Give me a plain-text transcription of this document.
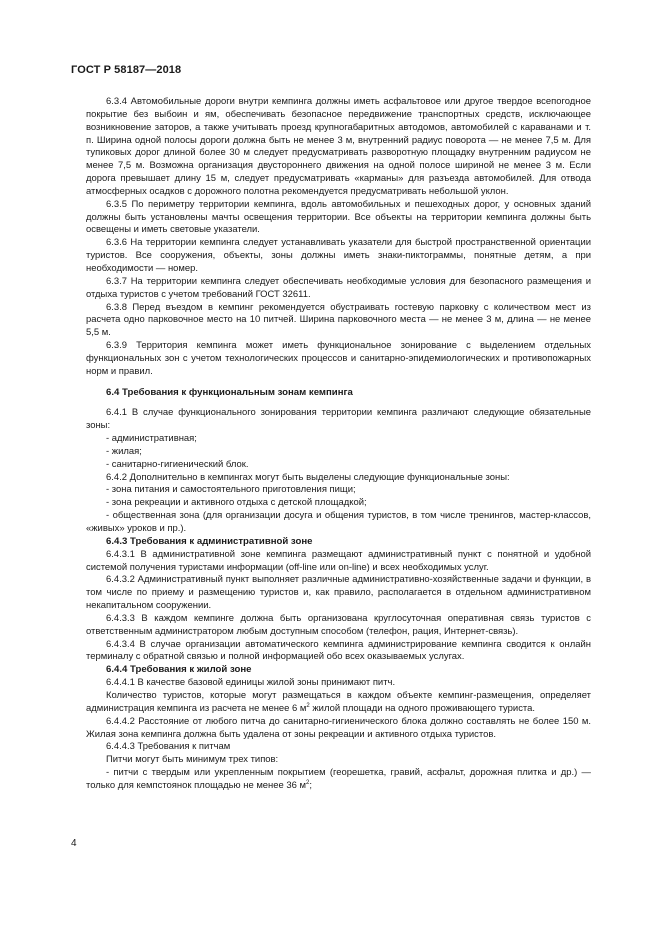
ГОСТ Р 58187—2018

6.3.4 Автомобильные дороги внутри кемпинга должны иметь асфальтовое или другое твердое всепогодное покрытие без выбоин и ям, обеспечивать безопасное передвижение транспортных средств, исключающее возникновение заторов, а также учитывать проезд крупногабаритных автодомов, автомобилей с караванами и т. п. Ширина одной полосы дороги должна быть не менее 3 м, внутренний радиус поворота — не менее 7,5 м. Для тупиковых дорог длиной более 30 м следует предусматривать разворотную площадку внутренним радиусом не менее 7,5 м. Возможна организация двустороннего движения на одной полосе шириной не менее 3 м. Если дорога превышает длину 15 м, следует предусматривать «карманы» для разъезда автомобилей. Для отвода атмосферных осадков с дорожного полотна рекомендуется предусматривать небольшой уклон.

6.3.5 По периметру территории кемпинга, вдоль автомобильных и пешеходных дорог, у основных зданий должны быть установлены мачты освещения территории. Все объекты на территории кемпинга должны быть освещены и иметь световые указатели.

6.3.6 На территории кемпинга следует устанавливать указатели для быстрой пространственной ориентации туристов. Все сооружения, объекты, зоны должны иметь знаки-пиктограммы, понятные детям, а при необходимости — номер.

6.3.7 На территории кемпинга следует обеспечивать необходимые условия для безопасного размещения и отдыха туристов с учетом требований ГОСТ 32611.

6.3.8 Перед въездом в кемпинг рекомендуется обустраивать гостевую парковку с количеством мест из расчета одно парковочное место на 10 питчей. Ширина парковочного места — не менее 3 м, длина — не менее 5,5 м.

6.3.9 Территория кемпинга может иметь функциональное зонирование с выделением отдельных функциональных зон с учетом технологических процессов и санитарно-эпидемиологических и противопожарных норм и правил.

6.4 Требования к функциональным зонам кемпинга

6.4.1 В случае функционального зонирования территории кемпинга различают следующие обязательные зоны:

- административная;

- жилая;

- санитарно-гигиенический блок.

6.4.2 Дополнительно в кемпингах могут быть выделены следующие функциональные зоны:

- зона питания и самостоятельного приготовления пищи;

- зона рекреации и активного отдыха с детской площадкой;

- общественная зона (для организации досуга и общения туристов, в том числе тренингов, мастер-классов, «живых» уроков и пр.).

6.4.3 Требования к административной зоне

6.4.3.1 В административной зоне кемпинга размещают административный пункт с понятной и удобной системой получения туристами информации (off-line или on-line) и всех необходимых услуг.

6.4.3.2 Административный пункт выполняет различные административно-хозяйственные задачи и функции, в том числе по приему и размещению туристов и, как правило, располагается в отдельном административном некапитальном сооружении.

6.4.3.3 В каждом кемпинге должна быть организована круглосуточная оперативная связь туристов с ответственным администратором любым доступным способом (телефон, рация, Интернет-связь).

6.4.3.4 В случае организации автоматического кемпинга администрирование кемпинга сводится к онлайн терминалу с обратной связью и полной информацией обо всех оказываемых услугах.

6.4.4 Требования к жилой зоне

6.4.4.1 В качестве базовой единицы жилой зоны принимают питч.

Количество туристов, которые могут размещаться в каждом объекте кемпинг-размещения, определяет администрация кемпинга из расчета не менее 6 $м^2$ жилой площади на одного проживающего туриста.

6.4.4.2 Расстояние от любого питча до санитарно-гигиенического блока должно составлять не более 150 м. Жилая зона кемпинга должна быть удалена от зоны рекреации и активного отдыха туристов.

6.4.4.3 Требования к питчам

Питчи могут быть минимум трех типов:

- питчи с твердым или укрепленным покрытием (георешетка, гравий, асфальт, дорожная плитка и др.) — только для кемпстоянок площадью не менее 36 $м^2$;

4
